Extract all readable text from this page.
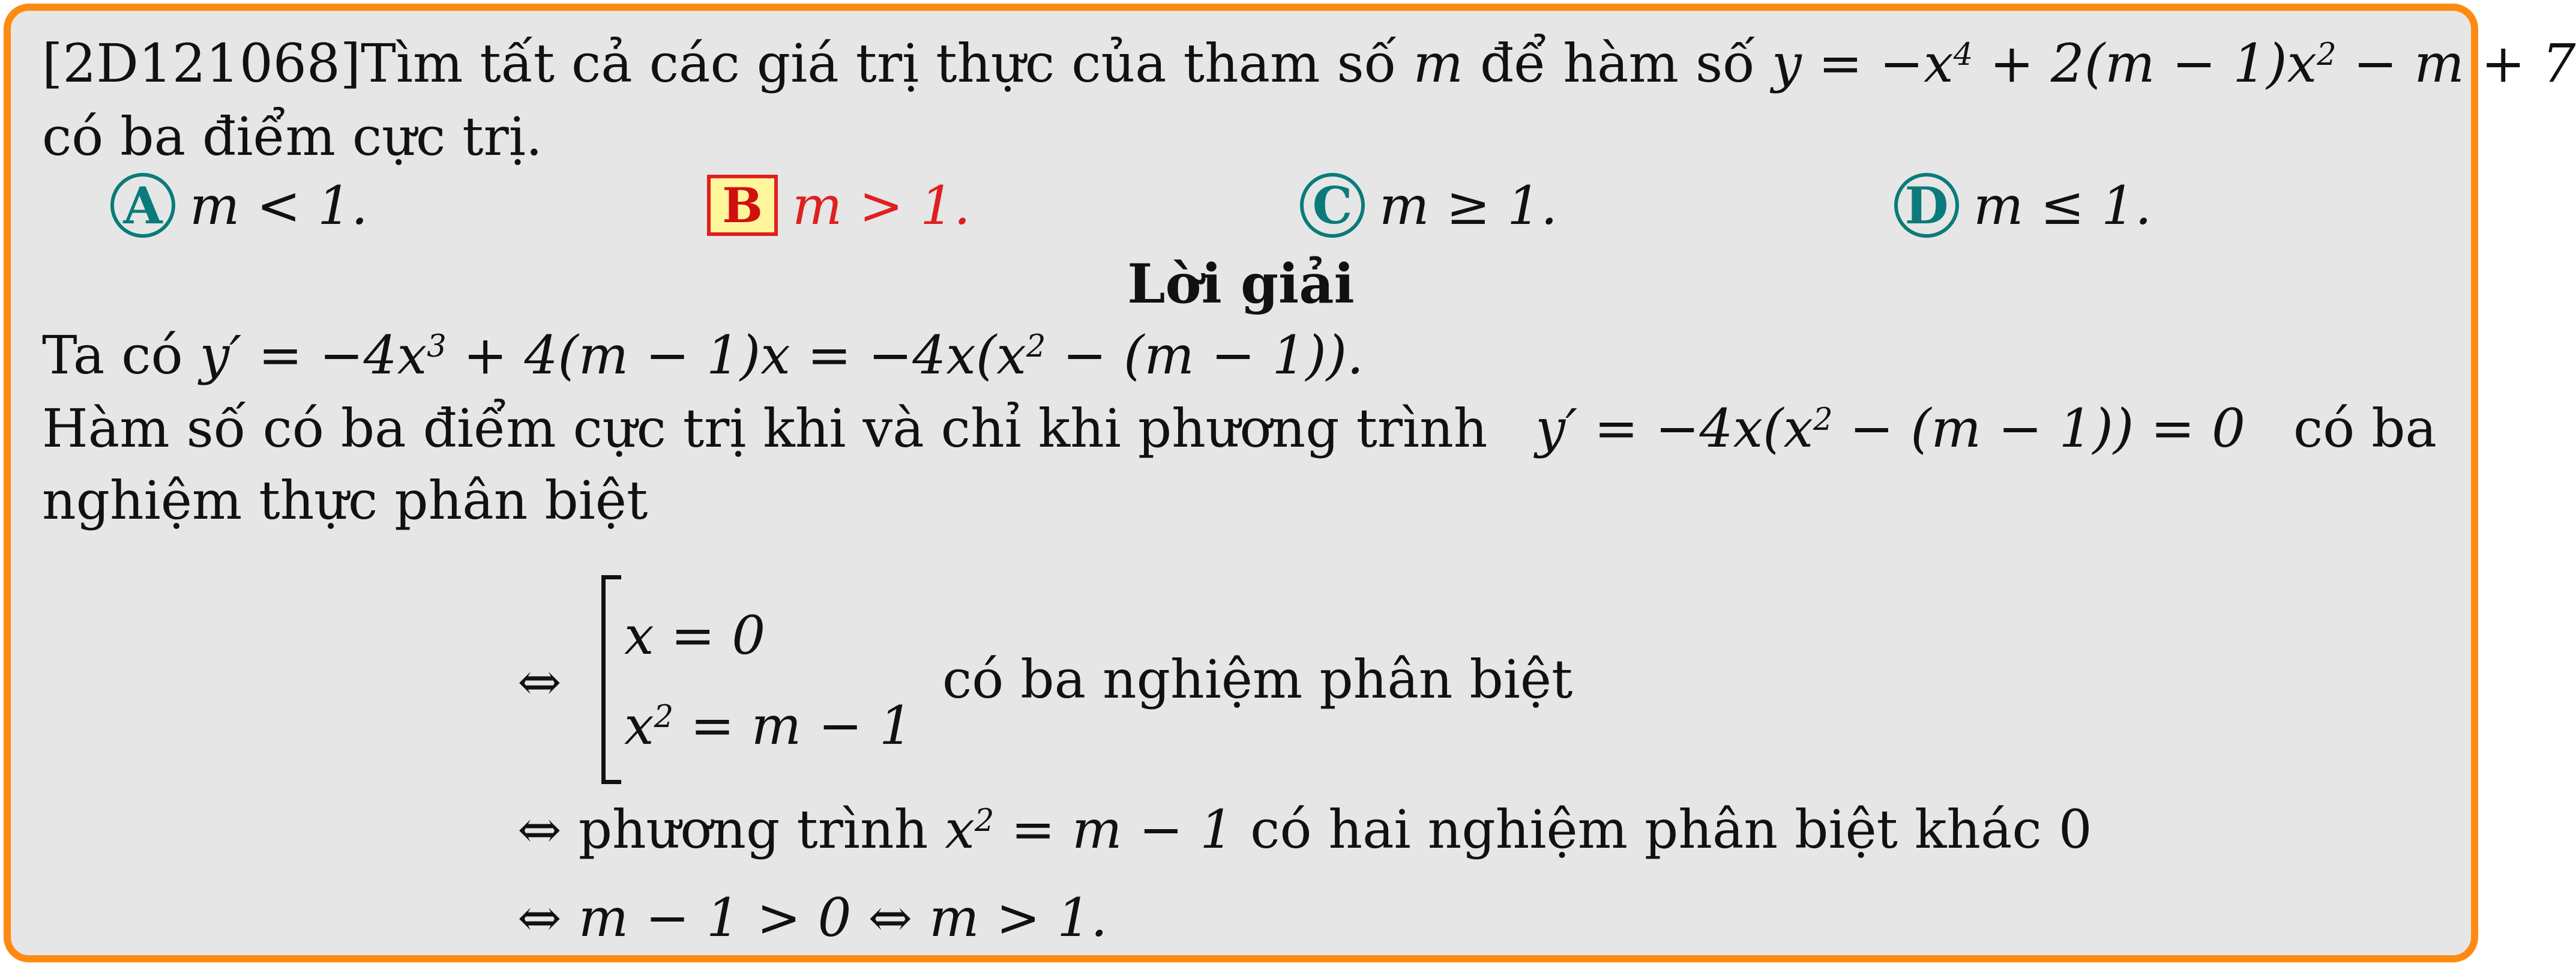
[2D121068]Tìm tất cả các giá trị thực của tham số m để hàm số $y = -x^4 + 2(m - 1)x^2 - m + 7$
có ba điểm cực trị.
A m < 1.	B m > 1.	C m ≥ 1.	D m ≤ 1.
Lời giải
Ta có $y' = -4x^3 + 4(m - 1)x = -4x(x^2 - (m - 1))$.
Hàm số có ba điểm cực trị khi và chỉ khi phương trình $y' = -4x(x^2 - (m - 1)) = 0$ có ba
nghiệm thực phân biệt
⇔
x = 0
$x^2 = m - 1$
có ba nghiệm phân biệt
⇔ phương trình $x^2 = m - 1$ có hai nghiệm phân biệt khác 0
⇔ m − 1 > 0 ⇔ m > 1.
